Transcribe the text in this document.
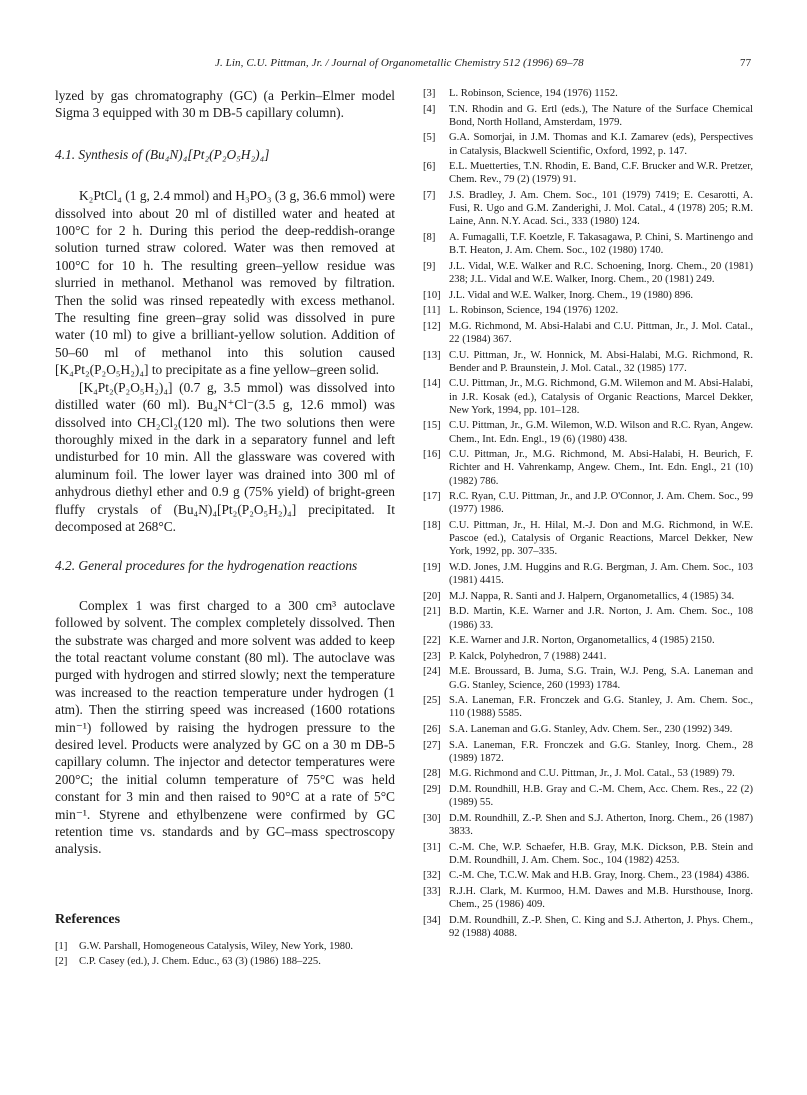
J. Lin, C.U. Pittman, Jr. / Journal of Organometallic Chemistry 512 (1996) 69–78	77

lyzed by gas chromatography (GC) (a Perkin–Elmer model Sigma 3 equipped with 30 m DB-5 capillary column).

4.1. Synthesis of (Bu₄N)₄[Pt₂(P₂O₅H₂)₄]

K₂PtCl₄ (1 g, 2.4 mmol) and H₃PO₃ (3 g, 36.6 mmol) were dissolved into about 20 ml of distilled water and heated at 100°C for 2 h. During this period the deep-reddish-orange solution turned straw colored. Water was then removed at 100°C for 10 h. The resulting green–yellow residue was slurried in methanol. Methanol was removed by filtration. Then the solid was rinsed repeatedly with excess methanol. The resulting fine green–gray solid was dissolved in pure water (10 ml) to give a brilliant-yellow solution. Addition of 50–60 ml of methanol into this solution caused [K₄Pt₂(P₂O₅H₂)₄] to precipitate as a fine yellow–green solid.

[K₄Pt₂(P₂O₅H₂)₄] (0.7 g, 3.5 mmol) was dissolved into distilled water (60 ml). Bu₄N⁺Cl⁻(3.5 g, 12.6 mmol) was dissolved into CH₂Cl₂(120 ml). The two solutions then were thoroughly mixed in the dark in a separatory funnel and left undisturbed for 10 min. All the glassware was covered with aluminum foil. The lower layer was drained into 300 ml of anhydrous diethyl ether and 0.9 g (75% yield) of bright-green fluffy crystals of (Bu₄N)₄[Pt₂(P₂O₅H₂)₄] precipitated. It decomposed at 268°C.

4.2. General procedures for the hydrogenation reactions

Complex 1 was first charged to a 300 cm³ autoclave followed by solvent. The complex completely dissolved. Then the substrate was charged and more solvent was added to keep the total reactant volume constant (80 ml). The autoclave was purged with hydrogen and stirred slowly; next the temperature was increased to the reaction temperature under hydrogen (1 atm). Then the stirring speed was increased (1600 rotations min⁻¹) followed by raising the hydrogen pressure to the desired level. Products were analyzed by GC on a 30 m DB-5 capillary column. The injector and detector temperatures were 200°C; the initial column temperature of 75°C was held constant for 3 min and then raised to 90°C at a rate of 5°C min⁻¹. Styrene and ethylbenzene were confirmed by GC retention time vs. standards and by GC–mass spectroscopy analysis.

References
[1] G.W. Parshall, Homogeneous Catalysis, Wiley, New York, 1980.
[2] C.P. Casey (ed.), J. Chem. Educ., 63 (3) (1986) 188–225.
[3] L. Robinson, Science, 194 (1976) 1152.
[4] T.N. Rhodin and G. Ertl (eds.), The Nature of the Surface Chemical Bond, North Holland, Amsterdam, 1979.
[5] G.A. Somorjai, in J.M. Thomas and K.I. Zamarev (eds), Perspectives in Catalysis, Blackwell Scientific, Oxford, 1992, p. 147.
[6] E.L. Muetterties, T.N. Rhodin, E. Band, C.F. Brucker and W.R. Pretzer, Chem. Rev., 79 (2) (1979) 91.
[7] J.S. Bradley, J. Am. Chem. Soc., 101 (1979) 7419; E. Cesarotti, A. Fusi, R. Ugo and G.M. Zanderighi, J. Mol. Catal., 4 (1978) 205; R.M. Laine, Ann. N.Y. Acad. Sci., 333 (1980) 124.
[8] A. Fumagalli, T.F. Koetzle, F. Takasagawa, P. Chini, S. Martinengo and B.T. Heaton, J. Am. Chem. Soc., 102 (1980) 1740.
[9] J.L. Vidal, W.E. Walker and R.C. Schoening, Inorg. Chem., 20 (1981) 238; J.L. Vidal and W.E. Walker, Inorg. Chem., 20 (1981) 249.
[10] J.L. Vidal and W.E. Walker, Inorg. Chem., 19 (1980) 896.
[11] L. Robinson, Science, 194 (1976) 1202.
[12] M.G. Richmond, M. Absi-Halabi and C.U. Pittman, Jr., J. Mol. Catal., 22 (1984) 367.
[13] C.U. Pittman, Jr., W. Honnick, M. Absi-Halabi, M.G. Richmond, R. Bender and P. Braunstein, J. Mol. Catal., 32 (1985) 177.
[14] C.U. Pittman, Jr., M.G. Richmond, G.M. Wilemon and M. Absi-Halabi, in J.R. Kosak (ed.), Catalysis of Organic Reactions, Marcel Dekker, New York, 1994, pp. 101–128.
[15] C.U. Pittman, Jr., G.M. Wilemon, W.D. Wilson and R.C. Ryan, Angew. Chem., Int. Edn. Engl., 19 (6) (1980) 438.
[16] C.U. Pittman, Jr., M.G. Richmond, M. Absi-Halabi, H. Beurich, F. Richter and H. Vahrenkamp, Angew. Chem., Int. Edn. Engl., 21 (10) (1982) 786.
[17] R.C. Ryan, C.U. Pittman, Jr., and J.P. O'Connor, J. Am. Chem. Soc., 99 (1977) 1986.
[18] C.U. Pittman, Jr., H. Hilal, M.-J. Don and M.G. Richmond, in W.E. Pascoe (ed.), Catalysis of Organic Reactions, Marcel Dekker, New York, 1992, pp. 307–335.
[19] W.D. Jones, J.M. Huggins and R.G. Bergman, J. Am. Chem. Soc., 103 (1981) 4415.
[20] M.J. Nappa, R. Santi and J. Halpern, Organometallics, 4 (1985) 34.
[21] B.D. Martin, K.E. Warner and J.R. Norton, J. Am. Chem. Soc., 108 (1986) 33.
[22] K.E. Warner and J.R. Norton, Organometallics, 4 (1985) 2150.
[23] P. Kalck, Polyhedron, 7 (1988) 2441.
[24] M.E. Broussard, B. Juma, S.G. Train, W.J. Peng, S.A. Laneman and G.G. Stanley, Science, 260 (1993) 1784.
[25] S.A. Laneman, F.R. Fronczek and G.G. Stanley, J. Am. Chem. Soc., 110 (1988) 5585.
[26] S.A. Laneman and G.G. Stanley, Adv. Chem. Ser., 230 (1992) 349.
[27] S.A. Laneman, F.R. Fronczek and G.G. Stanley, Inorg. Chem., 28 (1989) 1872.
[28] M.G. Richmond and C.U. Pittman, Jr., J. Mol. Catal., 53 (1989) 79.
[29] D.M. Roundhill, H.B. Gray and C.-M. Chem, Acc. Chem. Res., 22 (2) (1989) 55.
[30] D.M. Roundhill, Z.-P. Shen and S.J. Atherton, Inorg. Chem., 26 (1987) 3833.
[31] C.-M. Che, W.P. Schaefer, H.B. Gray, M.K. Dickson, P.B. Stein and D.M. Roundhill, J. Am. Chem. Soc., 104 (1982) 4253.
[32] C.-M. Che, T.C.W. Mak and H.B. Gray, Inorg. Chem., 23 (1984) 4386.
[33] R.J.H. Clark, M. Kurmoo, H.M. Dawes and M.B. Hursthouse, Inorg. Chem., 25 (1986) 409.
[34] D.M. Roundhill, Z.-P. Shen, C. King and S.J. Atherton, J. Phys. Chem., 92 (1988) 4088.
